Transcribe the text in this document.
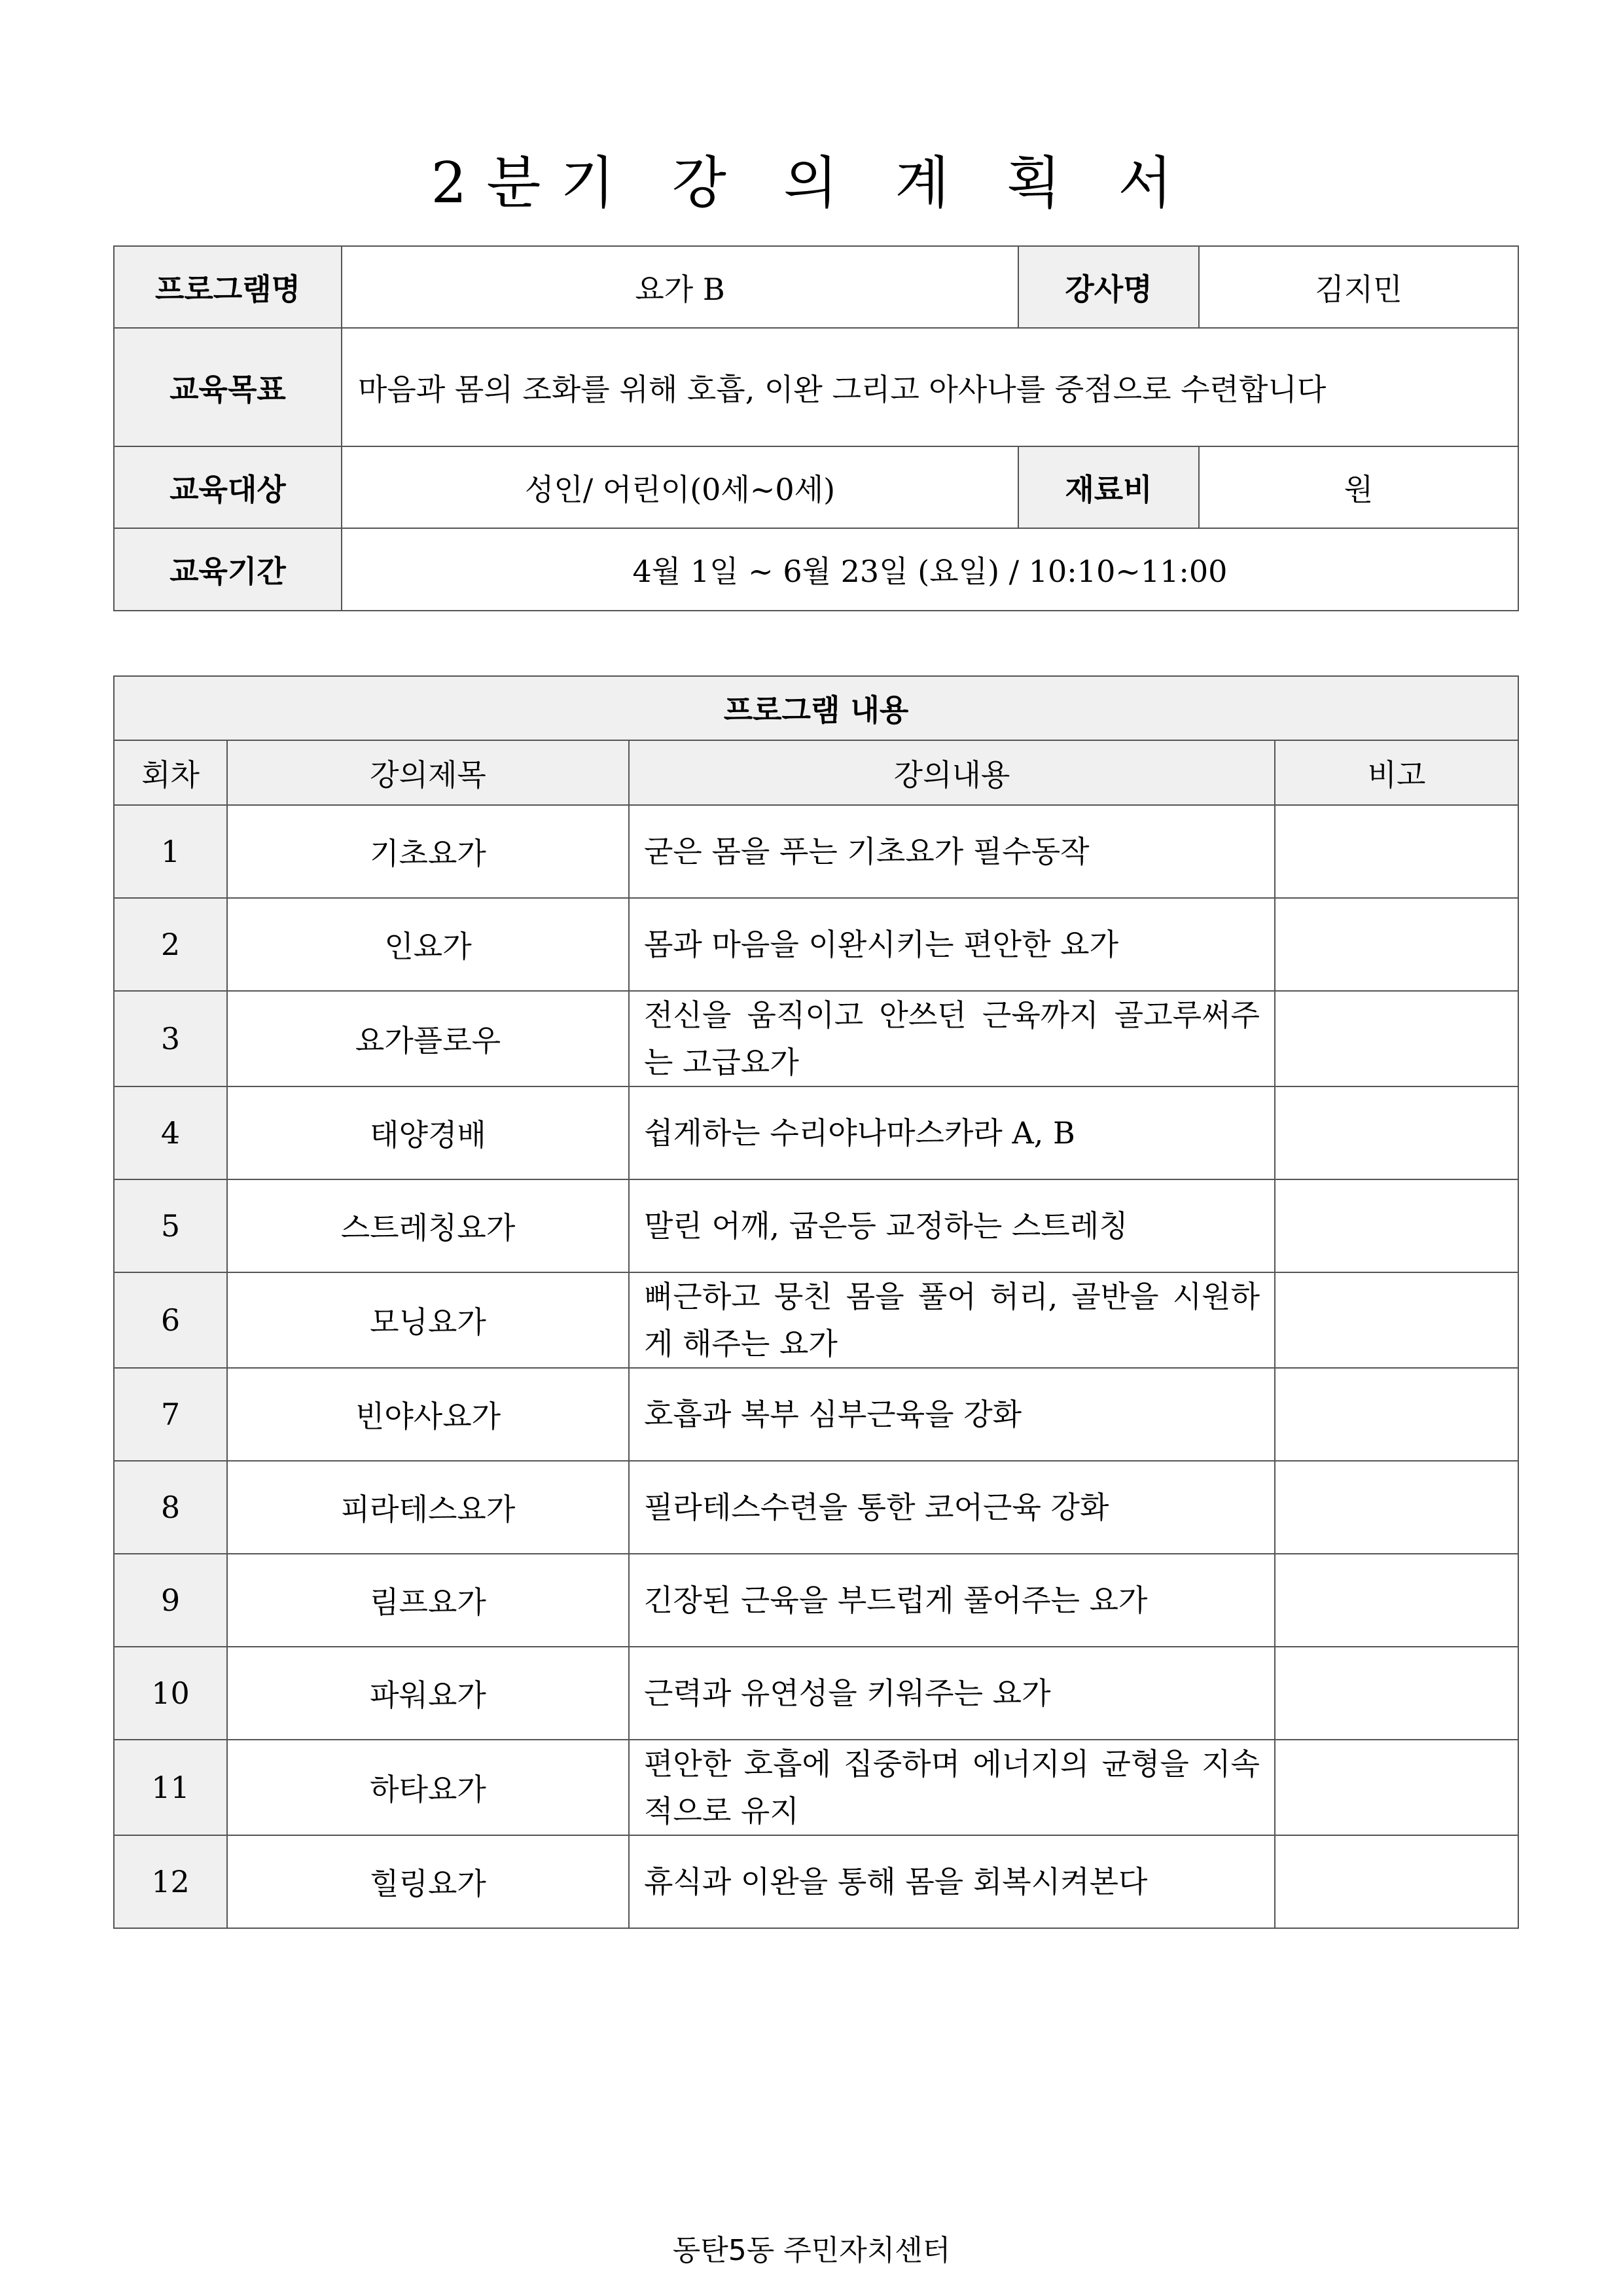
2분기 강 의 계 획 서
프로그램명	요가 B	강사명	김지민
교육목표	마음과 몸의 조화를 위해 호흡, 이완 그리고 아사나를 중점으로 수련합니다		
교육대상	성인/ 어린이(0세~0세)	재료비	원
교육기간	4월 1일 ~ 6월 23일 (요일) / 10:10~11:00		
프로그램 내용			
회차	강의제목	강의내용	비고
1	기초요가	굳은 몸을 푸는 기초요가 필수동작	
2	인요가	몸과 마음을 이완시키는 편안한 요가	
3	요가플로우	전신을 움직이고 안쓰던 근육까지 골고루써주는 고급요가	
4	태양경배	쉽게하는 수리야나마스카라 A, B	
5	스트레칭요가	말린 어깨, 굽은등 교정하는 스트레칭	
6	모닝요가	뻐근하고 뭉친 몸을 풀어 허리, 골반을 시원하게 해주는 요가	
7	빈야사요가	호흡과 복부 심부근육을 강화	
8	피라테스요가	필라테스수련을 통한 코어근육 강화	
9	림프요가	긴장된 근육을 부드럽게 풀어주는 요가	
10	파워요가	근력과 유연성을 키워주는 요가	
11	하타요가	편안한 호흡에 집중하며 에너지의 균형을 지속적으로 유지	
12	힐링요가	휴식과 이완을 통해 몸을 회복시켜본다	
동탄5동 주민자치센터
